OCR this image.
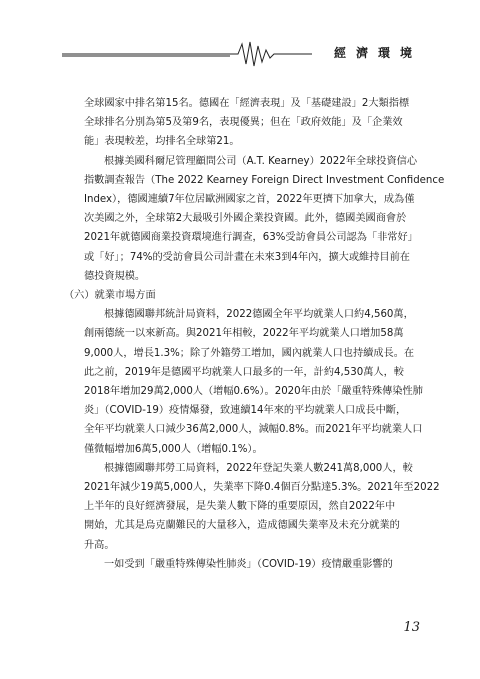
經濟環境

全球國家中排名第15名。德國在「經濟表現」及「基礎建設」2大類指標
全球排名分別為第5及第9名，表現優異；但在「政府效能」及「企業效
能」表現較差，均排名全球第21。

根據美國科爾尼管理顧問公司（A.T. Kearney）2022年全球投資信心
指數調查報告（The 2022 Kearney Foreign Direct Investment Confidence
Index），德國連續7年位居歐洲國家之首，2022年更擠下加拿大，成為僅
次美國之外，全球第2大最吸引外國企業投資國。此外，德國美國商會於
2021年就德國商業投資環境進行調查，63%受訪會員公司認為「非常好」
或「好」；74%的受訪會員公司計畫在未來3到4年內，擴大或維持目前在
德投資規模。

（六）就業市場方面

根據德國聯邦統計局資料，2022德國全年平均就業人口約4,560萬，
創兩德統一以來新高。與2021年相較，2022年平均就業人口增加58萬
9,000人，增長1.3%；除了外籍勞工增加，國內就業人口也持續成長。在
此之前，2019年是德國平均就業人口最多的一年，計約4,530萬人，較
2018年增加29萬2,000人（增幅0.6%）。2020年由於「嚴重特殊傳染性肺
炎」（COVID-19）疫情爆發，致連續14年來的平均就業人口成長中斷，
全年平均就業人口減少36萬2,000人，減幅0.8%。而2021年平均就業人口
僅微幅增加6萬5,000人（增幅0.1%）。

根據德國聯邦勞工局資料，2022年登記失業人數241萬8,000人，較
2021年減少19萬5,000人，失業率下降0.4個百分點達5.3%。2021年至2022
上半年的良好經濟發展，是失業人數下降的重要原因，然自2022年中
開始，尤其是烏克蘭難民的大量移入，造成德國失業率及未充分就業的
升高。

一如受到「嚴重特殊傳染性肺炎」（COVID-19）疫情嚴重影響的

13
